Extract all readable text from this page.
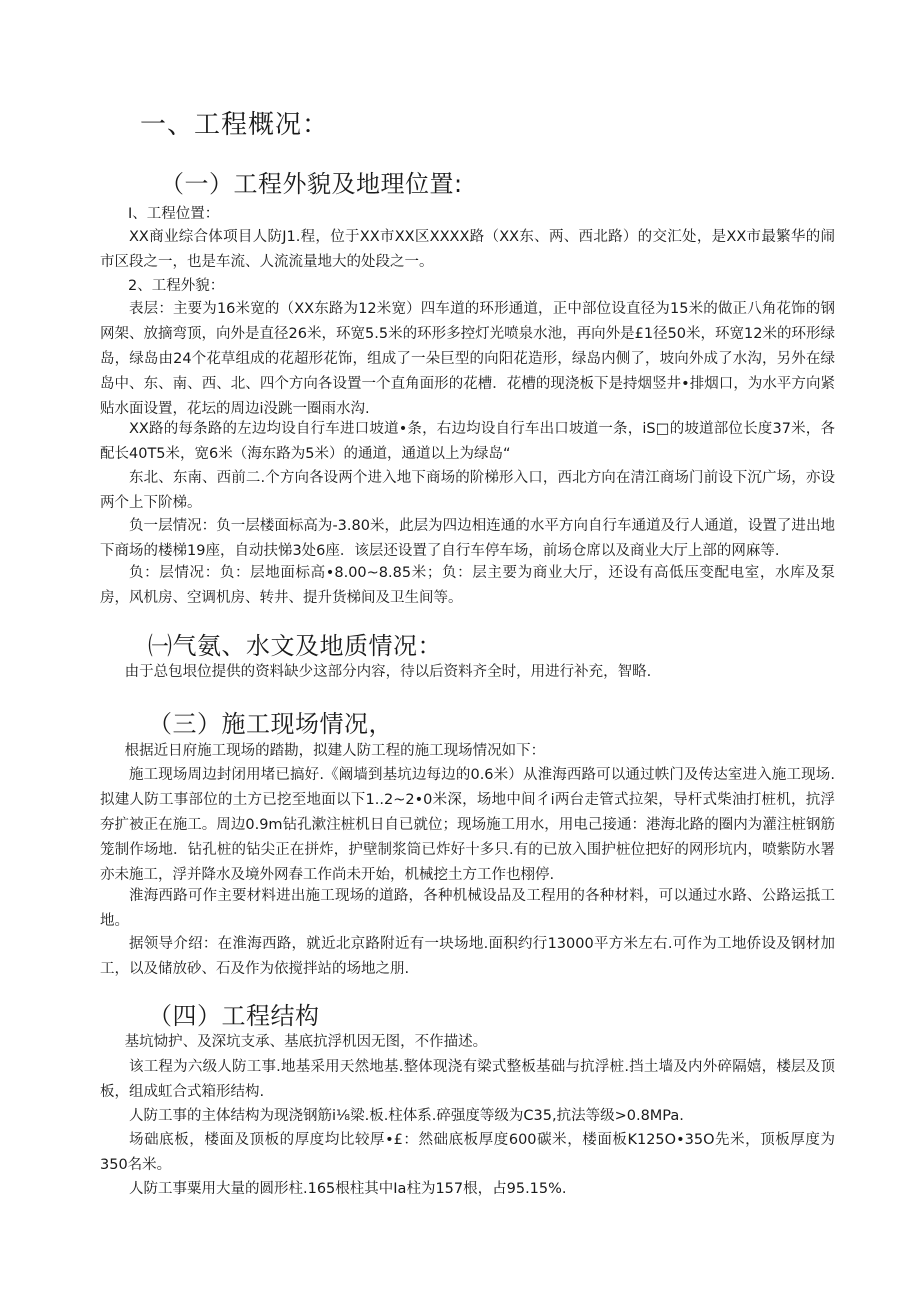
一、工程概况：
（一）工程外貌及地理位置:
I、工程位置：
XX商业综合体项目人防J1.程，位于XX市XX区XXXX路（XX东、两、西北路）的交汇处，是XX市最繁华的闹市区段之一，也是车流、人流流量地大的处段之一。
2、工程外貌：
表层：主要为16米宽的（XX东路为12米宽）四车道的环形通道，正中部位设直径为15米的做正八角花饰的钢网架、放摘弯顶，向外是直径26米，环宽5.5米的环形多控灯光喷泉水池，再向外是£1径50米，环宽12米的环形绿岛，绿岛由24个花草组成的花超形花饰，组成了一朵巨型的向阳花造形，绿岛内侧了，坡向外成了水沟，另外在绿岛中、东、南、西、北、四个方向各设置一个直角面形的花槽．花槽的现浇板下是持烟竖井•排烟口，为水平方向紧贴水面设置，花坛的周边i没跳一圈雨水沟.
XX路的每条路的左边均设自行车进口坡道•条，右边均设自行车出口坡道一条，iS□的坡道部位长度37米，各配长40T5米，宽6米（海东路为5米）的通道，通道以上为绿岛“
东北、东南、西前二.个方向各设两个进入地下商场的阶梯形入口，西北方向在清江商场门前设下沉广场，亦设两个上下阶梯。
负一层情况：负一层楼面标高为-3.80米，此层为四边相连通的水平方向自行车通道及行人通道，设置了进出地下商场的楼梯19座，自动扶悌3处6座．该层还设置了自行车停车场，前场仓席以及商业大厅上部的网麻等.
负：层情况：负：层地面标高•8.00~8.85米；负：层主要为商业大厅，还设有高低压变配电室，水库及泵房，风机房、空调机房、转井、提升货梯间及卫生间等。
㈠气氨、水文及地质情况：
由于总包垠位提供的资料缺少这部分内容，待以后资料齐全时，用进行补充，智略.
（三）施工现场情况，
根据近日府施工现场的踏勘，拟建人防工程的施工现场情况如下：
施工现场周边封闭用堵已搞好.《阚墙到基坑边每边的0.6米）从淮海西路可以通过帙门及传达室进入施工现场.拟建人防工事部位的土方已挖至地面以下1..2~2•0米深，场地中间彳i两台走管式拉架，导杆式柴油打桩机，抗浮夯扩被正在施工。周边0.9m钻孔漱注桩机日自已就位；现场施工用水，用电己接通：港海北路的圈内为灌注桩钢筋笼制作场地．钻孔桩的钻尖正在拼炸，护壁制浆筒已炸好十多只.有的已放入围护桩位把好的网形坑内，喷紫防水署亦未施工，浮并降水及境外网春工作尚未开始，机械挖土方工作也栩停.
淮海西路可作主要材料进出施工现场的道路，各种机械设品及工程用的各种材料，可以通过水路、公路运抵工地。
据领导介绍：在淮海西路，就近北京路附近有一块场地.面积约行13000平方米左右.可作为工地侨设及钢材加工，以及储放砂、石及作为依搅拌站的场地之朋.
（四）工程结构
基坑恸护、及深坑支承、基底抗浮机因无图，不作描述。
该工程为六级人防工事.地基采用天然地基.整体现浇有梁式整板基础与抗浮桩.挡土墙及内外碎隔嬉，楼层及顶板，组成虹合式箱形结构.
人防工事的主体结构为现浇钢筋i⅛梁.板.柱体系.碎强度等级为C35,抗法等级>0.8MPa.
场础底板，楼面及顶板的厚度均比较厚•£：然础底板厚度600碳米，楼面板K125O•35O先米，顶板厚度为350名米。
人防工事粟用大量的圆形柱.165根柱其中Ia柱为157根，占95.15%.
